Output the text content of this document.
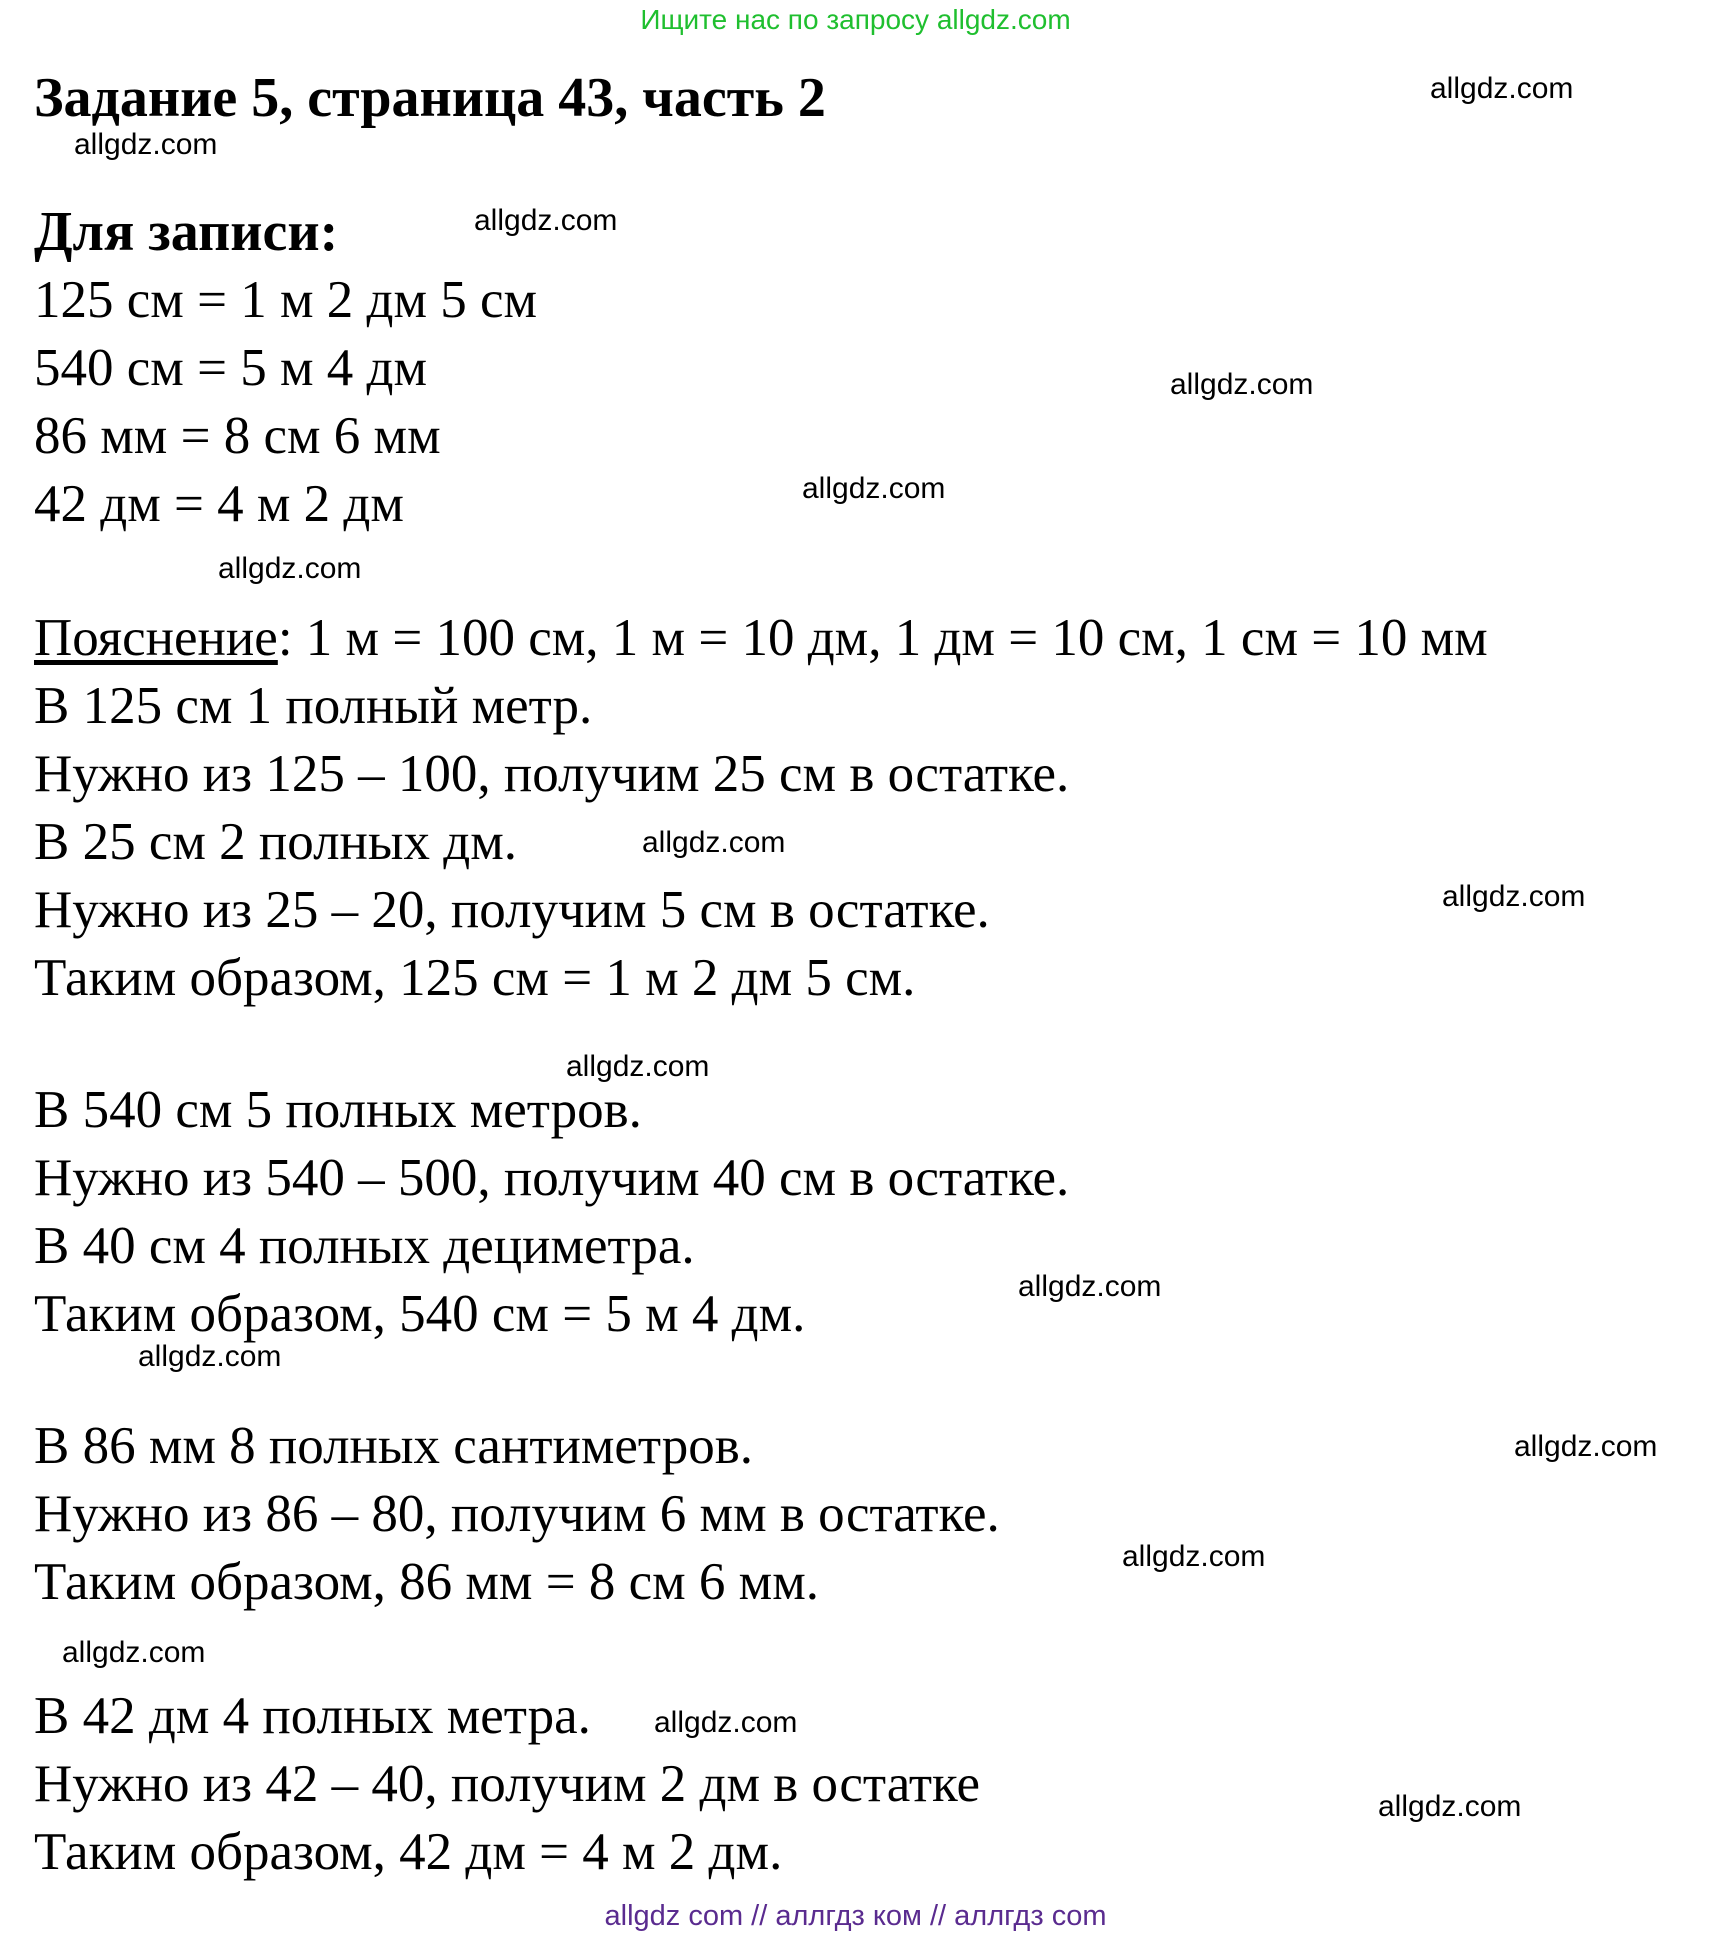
Ищите нас по запросу allgdz.com
Задание 5, страница 43, часть 2
Для записи:
125 см = 1 м 2 дм 5 см
540 см = 5 м 4 дм
86 мм = 8 см 6 мм
42 дм = 4 м 2 дм
Пояснение: 1 м = 100 см, 1 м = 10 дм, 1 дм = 10 см, 1 см = 10 мм
В 125 см 1 полный метр.
Нужно из 125 – 100, получим 25 см в остатке.
В 25 см 2 полных дм.
Нужно из 25 – 20, получим 5 см в остатке.
Таким образом, 125 см = 1 м 2 дм 5 см.
В 540 см 5 полных метров.
Нужно из 540 – 500, получим 40 см в остатке.
В 40 см 4 полных дециметра.
Таким образом, 540 см = 5 м 4 дм.
В 86 мм 8 полных сантиметров.
Нужно из 86 – 80, получим 6 мм в остатке.
Таким образом, 86 мм = 8 см 6 мм.
В 42 дм 4 полных метра.
Нужно из 42 – 40, получим 2 дм в остатке
Таким образом, 42 дм = 4 м 2 дм.
allgdz.com
allgdz.com
allgdz.com
allgdz.com
allgdz.com
allgdz.com
allgdz.com
allgdz.com
allgdz.com
allgdz.com
allgdz.com
allgdz.com
allgdz.com
allgdz.com
allgdz.com
allgdz.com
allgdz com // аллгдз ком // аллгдз com
